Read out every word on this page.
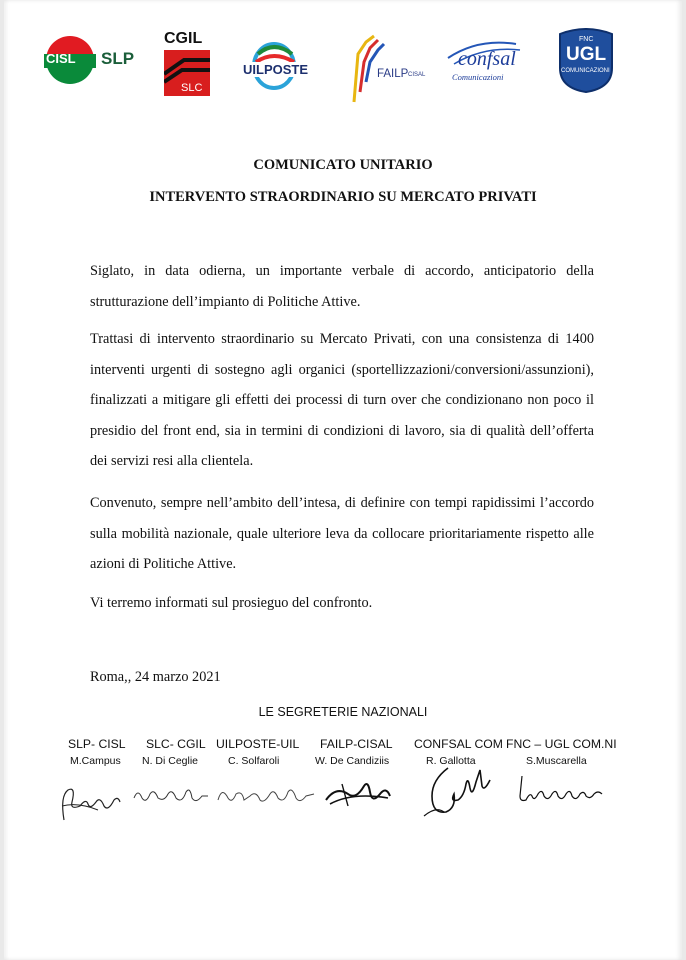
CISL SLP
CGIL
SLC
UILPOSTE	FAILP CISAL
confsal
Comunicazioni
FNC
UGL
COMUNICAZIONI
COMUNICATO UNITARIO
INTERVENTO STRAORDINARIO SU MERCATO PRIVATI
Siglato, in data odierna, un importante verbale di accordo, anticipatorio della strutturazione dell’impianto di Politiche Attive.
Trattasi di intervento straordinario su Mercato Privati, con una consistenza di 1400 interventi urgenti di sostegno agli organici (sportellizzazioni/conversioni/assunzioni), finalizzati a mitigare gli effetti dei processi di turn over che condizionano non poco il presidio del front end, sia in termini di condizioni di lavoro, sia di qualità dell’offerta dei servizi resi alla clientela.
Convenuto, sempre nell’ambito dell’intesa, di definire con tempi rapidissimi l’accordo sulla mobilità nazionale, quale ulteriore leva da collocare prioritariamente rispetto alle azioni di Politiche Attive.
Vi terremo informati sul prosieguo del confronto.
Roma,, 24 marzo 2021
LE SEGRETERIE NAZIONALI
SLP- CISL
M.Campus
SLC- CGIL
N. Di Ceglie
UILPOSTE-UIL
C. Solfaroli
FAILP-CISAL
W. De Candiziis
CONFSAL COM
R. Gallotta
FNC – UGL COM.NI
S.Muscarella
